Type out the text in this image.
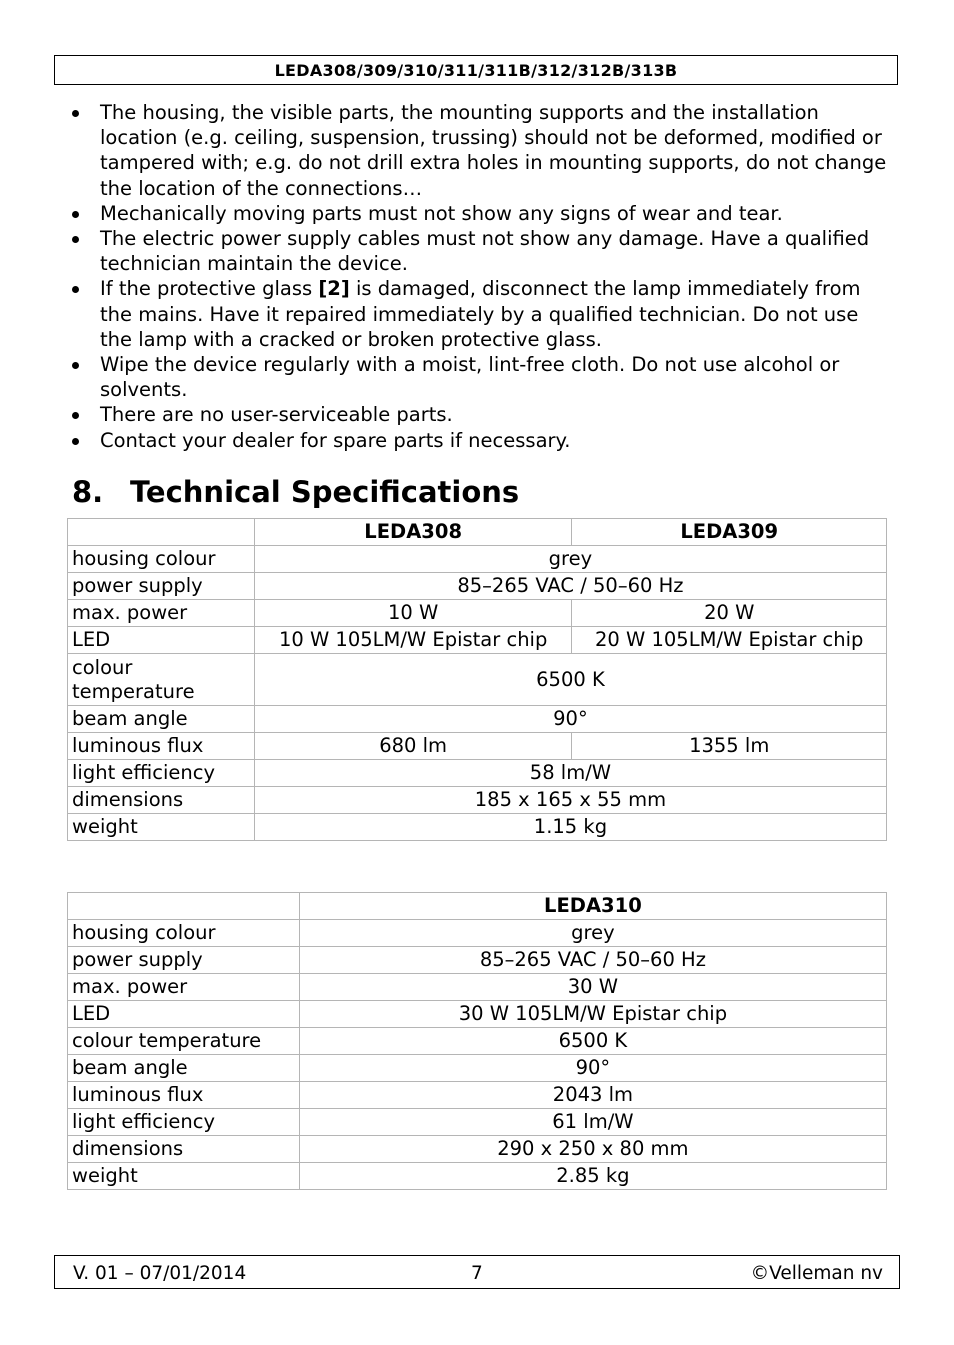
LEDA308/309/310/311/311B/312/312B/313B
The housing, the visible parts, the mounting supports and the installation location (e.g. ceiling, suspension, trussing) should not be deformed, modified or tampered with; e.g. do not drill extra holes in mounting supports, do not change the location of the connections…
Mechanically moving parts must not show any signs of wear and tear.
The electric power supply cables must not show any damage. Have a qualified technician maintain the device.
If the protective glass [2] is damaged, disconnect the lamp immediately from the mains. Have it repaired immediately by a qualified technician. Do not use the lamp with a cracked or broken protective glass.
Wipe the device regularly with a moist, lint-free cloth. Do not use alcohol or solvents.
There are no user-serviceable parts.
Contact your dealer for spare parts if necessary.
8. Technical Specifications
	LEDA308	LEDA309
housing colour	grey	
power supply	85–265 VAC / 50–60 Hz	
max. power	10 W	20 W
LED	10 W 105LM/W Epistar chip	20 W 105LM/W Epistar chip
colour temperature	6500 K	
beam angle	90°	
luminous flux	680 lm	1355 lm
light efficiency	58 lm/W	
dimensions	185 x 165 x 55 mm	
weight	1.15 kg	
	LEDA310
housing colour	grey
power supply	85–265 VAC / 50–60 Hz
max. power	30 W
LED	30 W 105LM/W Epistar chip
colour temperature	6500 K
beam angle	90°
luminous flux	2043 lm
light efficiency	61 lm/W
dimensions	290 x 250 x 80 mm
weight	2.85 kg
V. 01 – 07/01/2014	7	©Velleman nv
